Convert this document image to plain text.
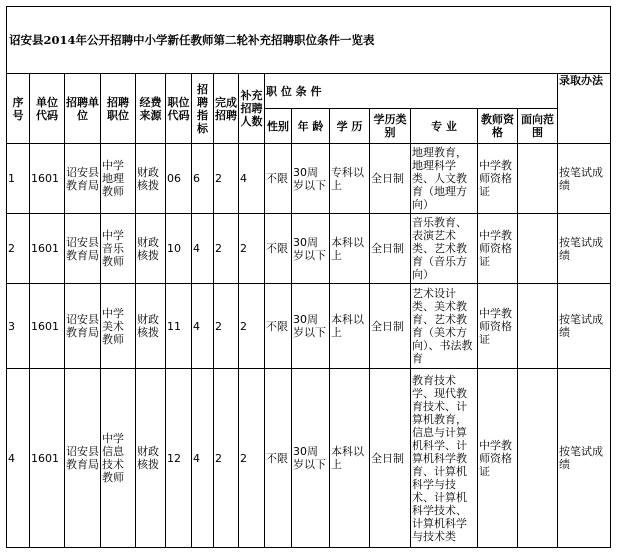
诏安县2014年公开招聘中小学新任教师第二轮补充招聘职位条件一览表																
序号	单位代码	招聘单位	招聘职位	经费来源	职位代码	招聘指标	完成招聘	补充招聘人数	职 位 条 件							录取办法
									性别	年 龄	学 历	学历类别	专 业	教师资格	面向范围	
1	1601	诏安县教育局	中学地理教师	财政核拨	06	6	2	4	不限	30周岁以下	专科以上	全日制	地理教育，地理科学类、人文教育（地理方向）	中学教师资格证		按笔试成绩
2	1601	诏安县教育局	中学音乐教师	财政核拨	10	4	2	2	不限	30周岁以下	本科以上	全日制	音乐教育、表演艺术类、艺术教育（音乐方向）	中学教师资格证		按笔试成绩
3	1601	诏安县教育局	中学美术教师	财政核拨	11	4	2	2	不限	30周岁以下	本科以上	全日制	艺术设计类、美术教育、艺术教育（美术方向）、书法教育	中学教师资格证		按笔试成绩
4	1601	诏安县教育局	中学信息技术教师	财政核拨	12	4	2	2	不限	30周岁以下	本科以上	全日制	教育技术学、现代教育技术、计算机教育，信息与计算机科学、计算机科学教育、计算机科学与技术、计算机科学技术、计算机科学与技术类	中学教师资格证		按笔试成绩
